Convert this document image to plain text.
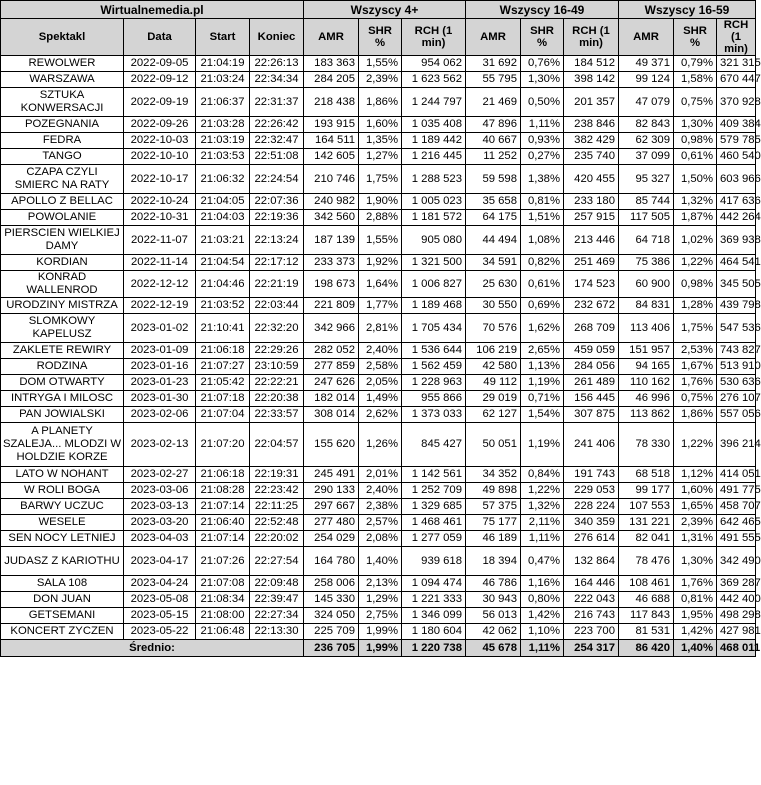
Wirtualnemedia.pl				Wszyscy 4+			Wszyscy 16-49			Wszyscy 16-59		
Spektakl	Data	Start	Koniec	AMR	SHR %	RCH (1 min)	AMR	SHR %	RCH (1 min)	AMR	SHR %	RCH (1 min)
REWOLWER	2022-09-05	21:04:19	22:26:13	183 363	1,55%	954 062	31 692	0,76%	184 512	49 371	0,79%	321 315
WARSZAWA	2022-09-12	21:03:24	22:34:34	284 205	2,39%	1 623 562	55 795	1,30%	398 142	99 124	1,58%	670 447
SZTUKA KONWERSACJI	2022-09-19	21:06:37	22:31:37	218 438	1,86%	1 244 797	21 469	0,50%	201 357	47 079	0,75%	370 928
POZEGNANIA	2022-09-26	21:03:28	22:26:42	193 915	1,60%	1 035 408	47 896	1,11%	238 846	82 843	1,30%	409 384
FEDRA	2022-10-03	21:03:19	22:32:47	164 511	1,35%	1 189 442	40 667	0,93%	382 429	62 309	0,98%	579 785
TANGO	2022-10-10	21:03:53	22:51:08	142 605	1,27%	1 216 445	11 252	0,27%	235 740	37 099	0,61%	460 540
CZAPA CZYLI SMIERC NA RATY	2022-10-17	21:06:32	22:24:54	210 746	1,75%	1 288 523	59 598	1,38%	420 455	95 327	1,50%	603 966
APOLLO Z BELLAC	2022-10-24	21:04:05	22:07:36	240 982	1,90%	1 005 023	35 658	0,81%	233 180	85 744	1,32%	417 636
POWOLANIE	2022-10-31	21:04:03	22:19:36	342 560	2,88%	1 181 572	64 175	1,51%	257 915	117 505	1,87%	442 264
PIERSCIEN WIELKIEJ DAMY	2022-11-07	21:03:21	22:13:24	187 139	1,55%	905 080	44 494	1,08%	213 446	64 718	1,02%	369 938
KORDIAN	2022-11-14	21:04:54	22:17:12	233 373	1,92%	1 321 500	34 591	0,82%	251 469	75 386	1,22%	464 541
KONRAD WALLENROD	2022-12-12	21:04:46	22:21:19	198 673	1,64%	1 006 827	25 630	0,61%	174 523	60 900	0,98%	345 505
URODZINY MISTRZA	2022-12-19	21:03:52	22:03:44	221 809	1,77%	1 189 468	30 550	0,69%	232 672	84 831	1,28%	439 798
SLOMKOWY KAPELUSZ	2023-01-02	21:10:41	22:32:20	342 966	2,81%	1 705 434	70 576	1,62%	268 709	113 406	1,75%	547 536
ZAKLETE REWIRY	2023-01-09	21:06:18	22:29:26	282 052	2,40%	1 536 644	106 219	2,65%	459 059	151 957	2,53%	743 827
RODZINA	2023-01-16	21:07:27	23:10:59	277 859	2,58%	1 562 459	42 580	1,13%	284 056	94 165	1,67%	513 910
DOM OTWARTY	2023-01-23	21:05:42	22:22:21	247 626	2,05%	1 228 963	49 112	1,19%	261 489	110 162	1,76%	530 636
INTRYGA I MILOSC	2023-01-30	21:07:18	22:20:38	182 014	1,49%	955 866	29 019	0,71%	156 445	46 996	0,75%	276 107
PAN JOWIALSKI	2023-02-06	21:07:04	22:33:57	308 014	2,62%	1 373 033	62 127	1,54%	307 875	113 862	1,86%	557 056
A PLANETY SZALEJA... MLODZI W HOLDZIE KORZE	2023-02-13	21:07:20	22:04:57	155 620	1,26%	845 427	50 051	1,19%	241 406	78 330	1,22%	396 214
LATO W NOHANT	2023-02-27	21:06:18	22:19:31	245 491	2,01%	1 142 561	34 352	0,84%	191 743	68 518	1,12%	414 051
W ROLI BOGA	2023-03-06	21:08:28	22:23:42	290 133	2,40%	1 252 709	49 898	1,22%	229 053	99 177	1,60%	491 775
BARWY UCZUC	2023-03-13	21:07:14	22:11:25	297 667	2,38%	1 329 685	57 375	1,32%	228 224	107 553	1,65%	458 707
WESELE	2023-03-20	21:06:40	22:52:48	277 480	2,57%	1 468 461	75 177	2,11%	340 359	131 221	2,39%	642 465
SEN NOCY LETNIEJ	2023-04-03	21:07:14	22:20:02	254 029	2,08%	1 277 059	46 189	1,11%	276 614	82 041	1,31%	491 555
JUDASZ Z KARIOTHU	2023-04-17	21:07:26	22:27:54	164 780	1,40%	939 618	18 394	0,47%	132 864	78 476	1,30%	342 490
SALA 108	2023-04-24	21:07:08	22:09:48	258 006	2,13%	1 094 474	46 786	1,16%	164 446	108 461	1,76%	369 287
DON JUAN	2023-05-08	21:08:34	22:39:47	145 330	1,29%	1 221 333	30 943	0,80%	222 043	46 688	0,81%	442 400
GETSEMANI	2023-05-15	21:08:00	22:27:34	324 050	2,75%	1 346 099	56 013	1,42%	216 743	117 843	1,95%	498 298
KONCERT ZYCZEN	2023-05-22	21:06:48	22:13:30	225 709	1,99%	1 180 604	42 062	1,10%	223 700	81 531	1,42%	427 981
Średnio:				236 705	1,99%	1 220 738	45 678	1,11%	254 317	86 420	1,40%	468 011
